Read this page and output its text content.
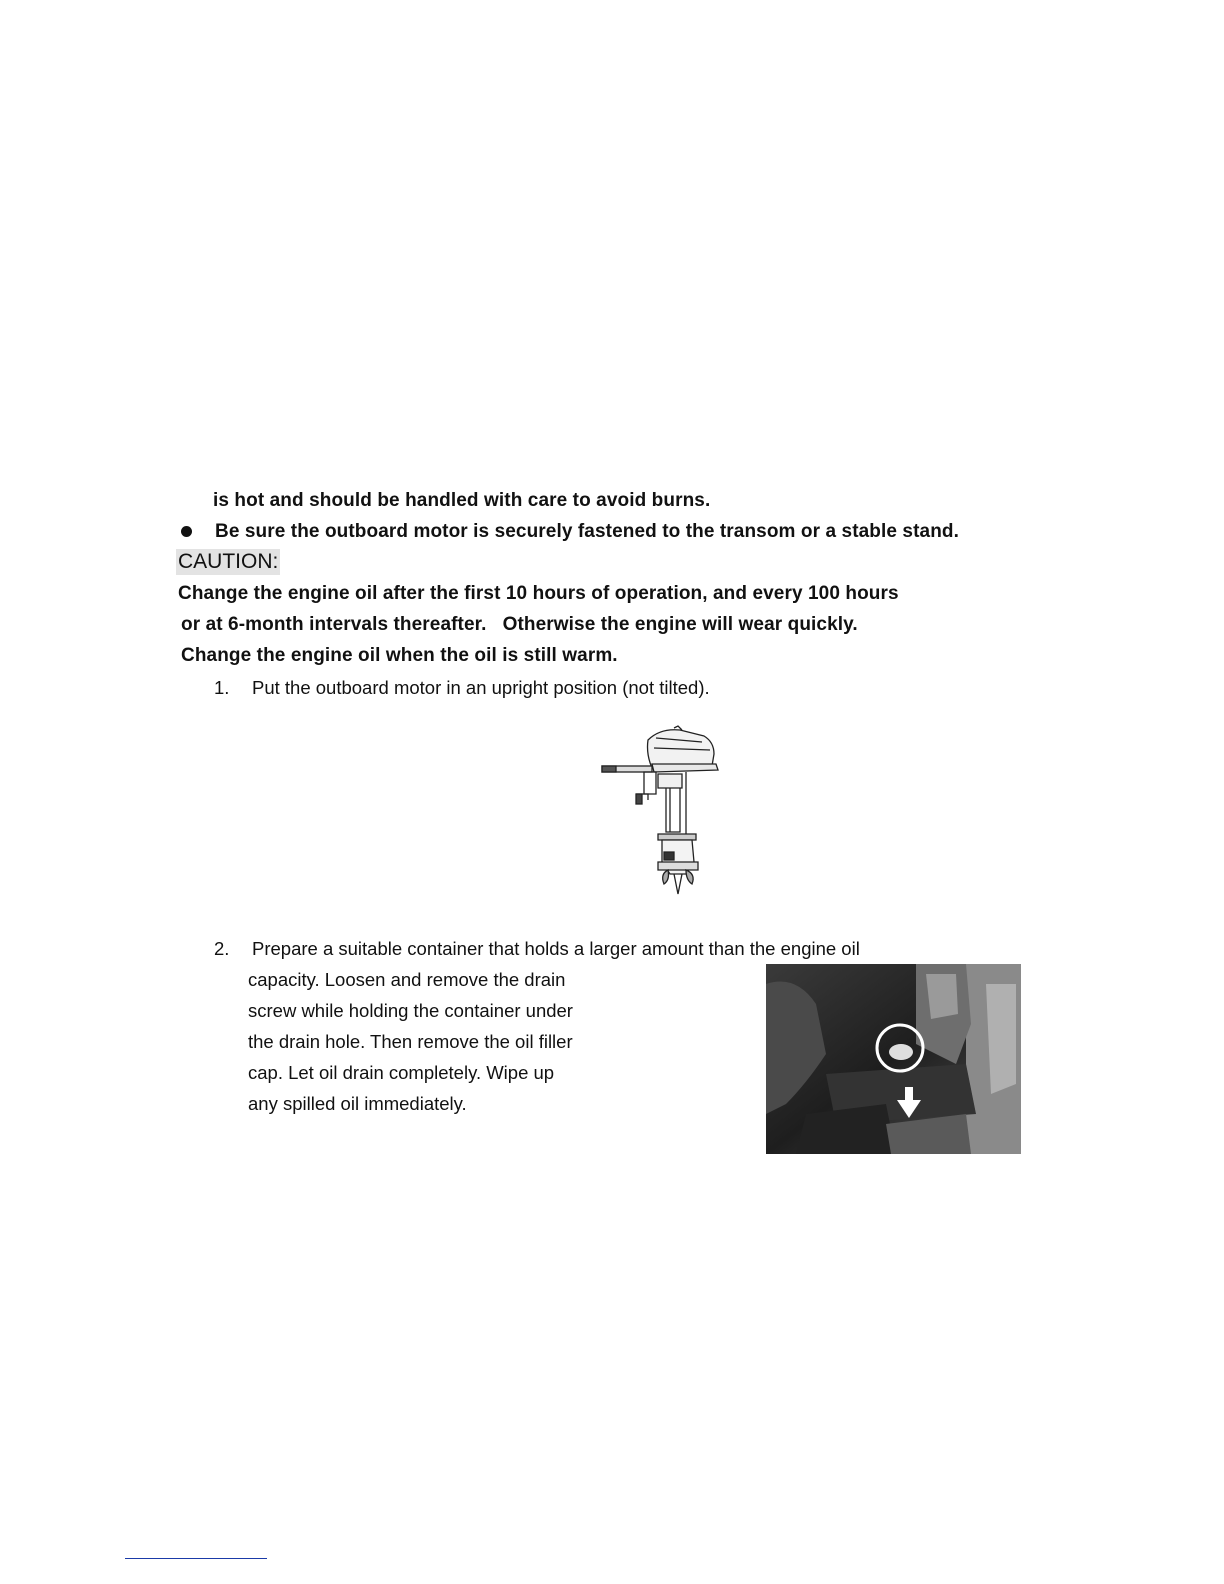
is hot and should be handled with care to avoid burns.
Be sure the outboard motor is securely fastened to the transom or a stable stand.
CAUTION:
Change the engine oil after the first 10 hours of operation, and every 100 hours
or at 6-month intervals thereafter.   Otherwise the engine will wear quickly.
Change the engine oil when the oil is still warm.
1. Put the outboard motor in an upright position (not tilted).
2. Prepare a suitable container that holds a larger amount than the engine oil
capacity. Loosen and remove the drain
screw while holding the container under
the drain hole. Then remove the oil filler
cap. Let oil drain completely. Wipe up
any spilled oil immediately.
